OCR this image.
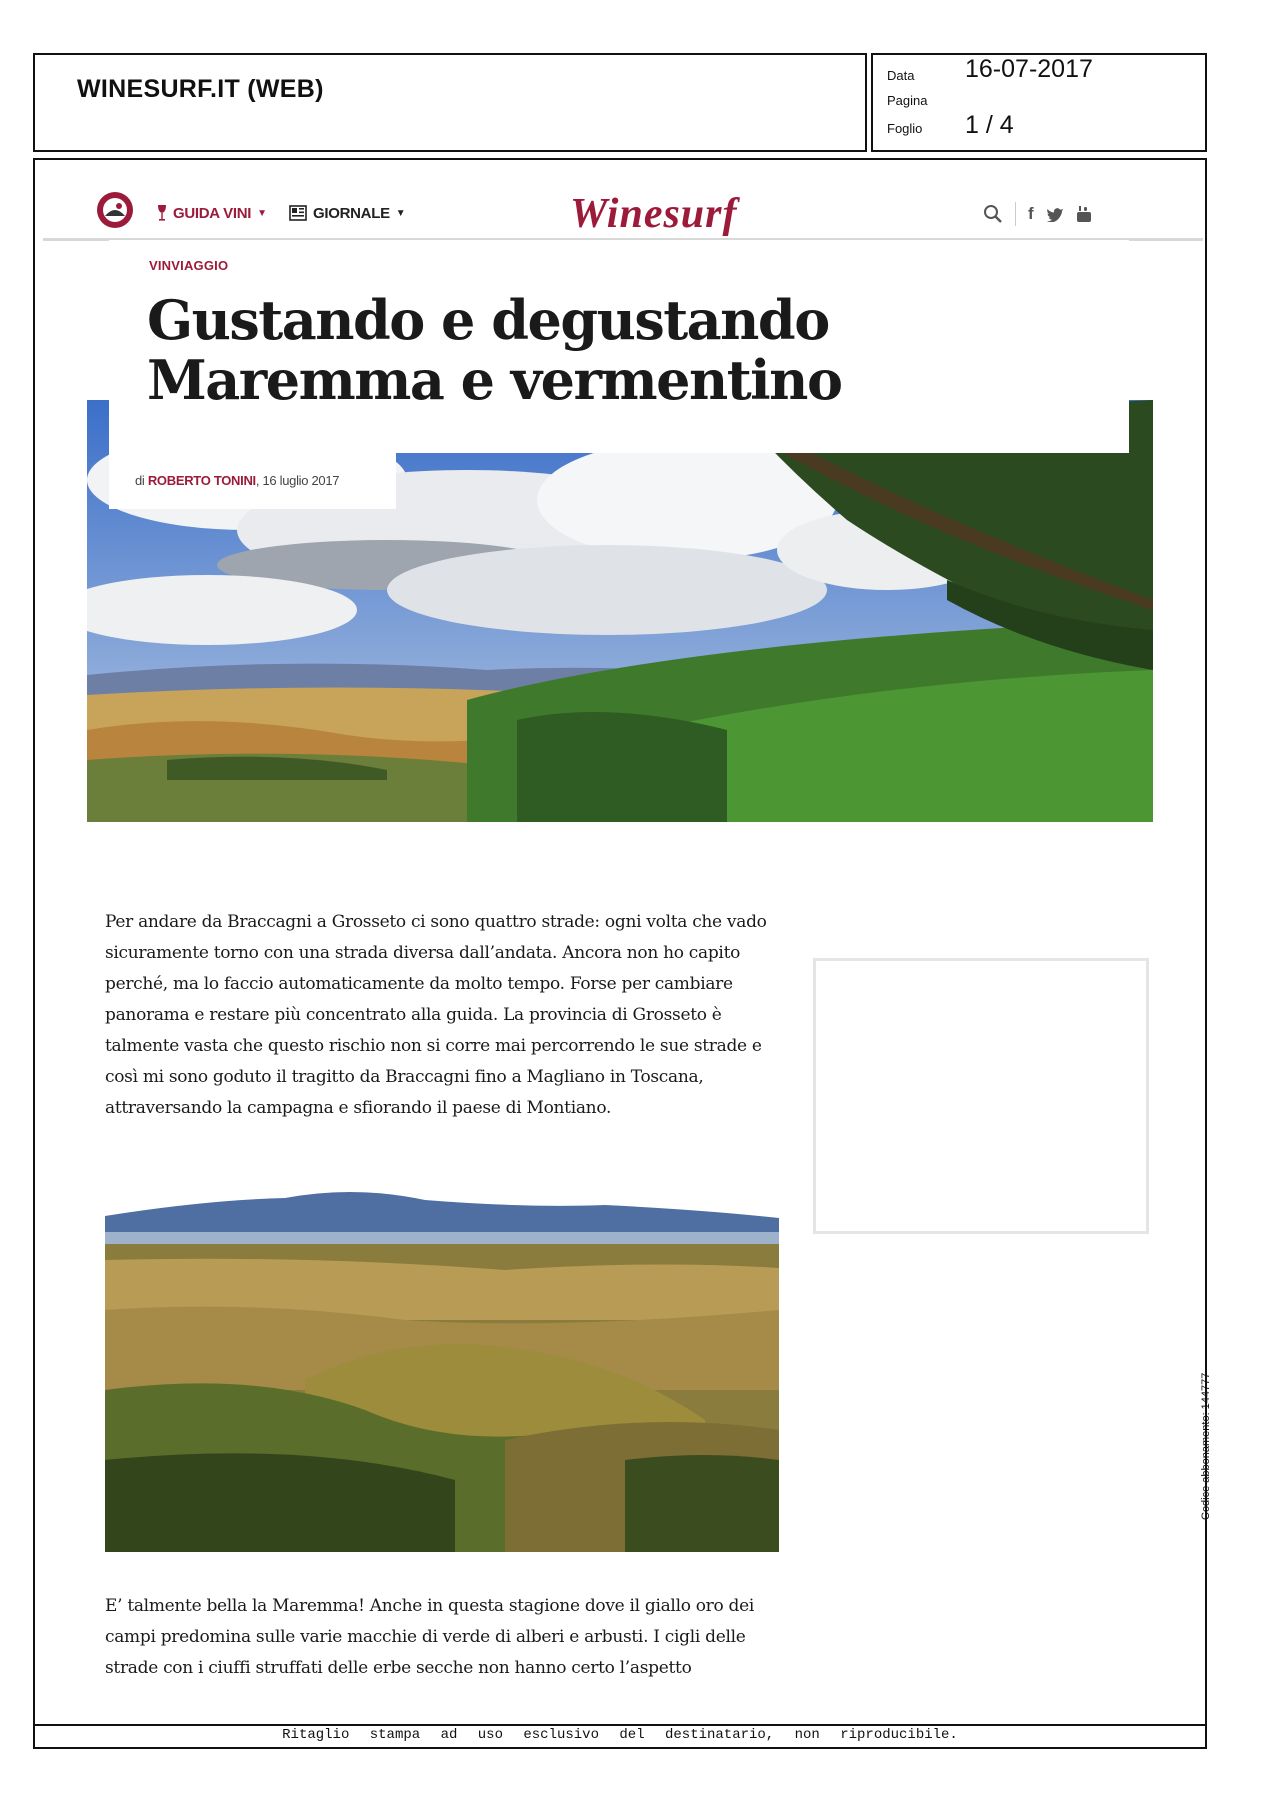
WINESURF.IT (WEB)	Data 16-07-2017
Pagina
Foglio 1 / 4
GUIDA VINI ▼	GIORNALE ▼	Winesurf	f
VINVIAGGIO
Gustando e degustando Maremma e vermentino
di ROBERTO TONINI, 16 luglio 2017
Per andare da Braccagni a Grosseto ci sono quattro strade: ogni volta che vado sicuramente torno con una strada diversa dall’andata. Ancora non ho capito perché, ma lo faccio automaticamente da molto tempo. Forse per cambiare panorama e restare più concentrato alla guida. La provincia di Grosseto è talmente vasta che questo rischio non si corre mai percorrendo le sue strade e così mi sono goduto il tragitto da Braccagni fino a Magliano in Toscana, attraversando la campagna e sfiorando il paese di Montiano.
E’ talmente bella la Maremma! Anche in questa stagione dove il giallo oro dei campi predomina sulle varie macchie di verde di alberi e arbusti. I cigli delle strade con i ciuffi struffati delle erbe secche non hanno certo l’aspetto
Ritaglio stampa ad uso esclusivo del destinatario, non riproducibile.
Codice abbonamento: 144777
